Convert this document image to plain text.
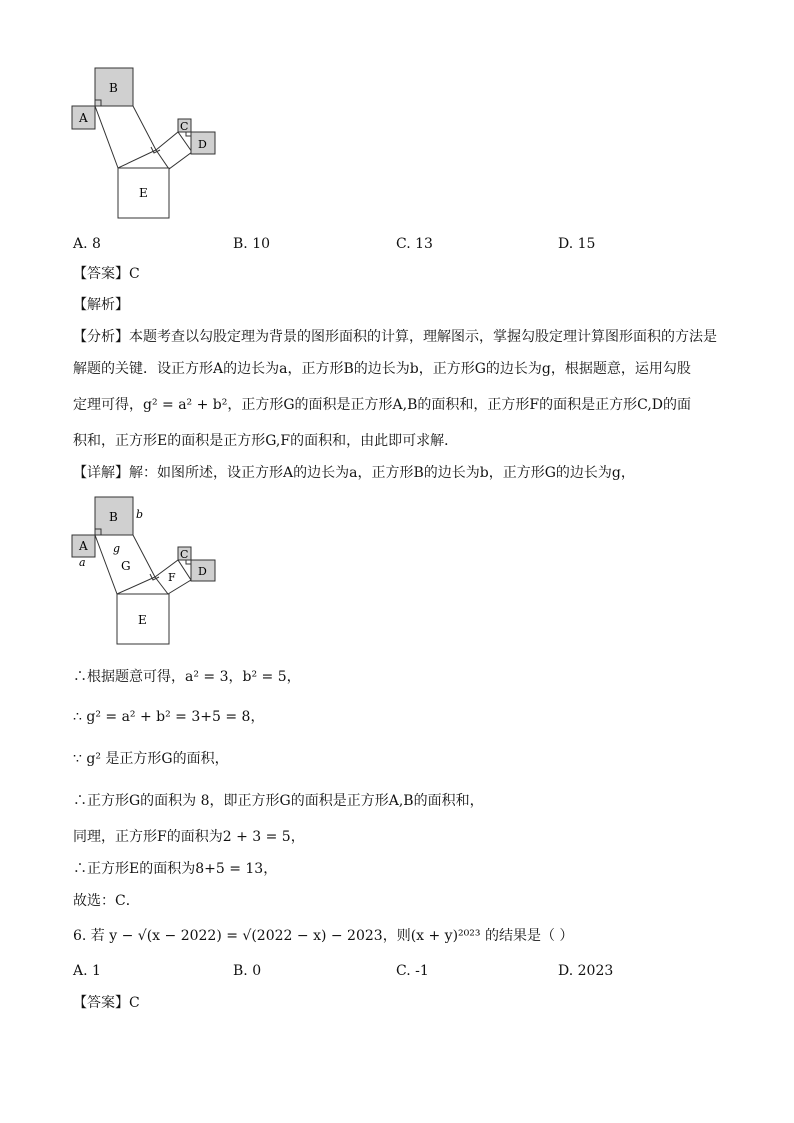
B
A
C
D
E
A. 8	B. 10	C. 13	D. 15
【答案】C
【解析】
【分析】本题考查以勾股定理为背景的图形面积的计算，理解图示，掌握勾股定理计算图形面积的方法是
解题的关键．设正方形A的边长为a，正方形B的边长为b，正方形G的边长为g，根据题意，运用勾股
定理可得，g² = a² + b²，正方形G的面积是正方形A,B的面积和，正方形F的面积是正方形C,D的面
积和，正方形E的面积是正方形G,F的面积和，由此即可求解．
【详解】解：如图所述，设正方形A的边长为a，正方形B的边长为b，正方形G的边长为g，
B b
A
a
g
G
C
D
F
E
∴根据题意可得，a² = 3，b² = 5，
∴ g² = a² + b² = 3+5 = 8，
∵ g² 是正方形G的面积，
∴正方形G的面积为 8，即正方形G的面积是正方形A,B的面积和，
同理，正方形F的面积为2 + 3 = 5，
∴正方形E的面积为8+5 = 13，
故选：C．
6. 若 y − √(x − 2022) = √(2022 − x) − 2023，则(x + y)²⁰²³ 的结果是（ ）
A. 1	B. 0	C. -1	D. 2023
【答案】C
